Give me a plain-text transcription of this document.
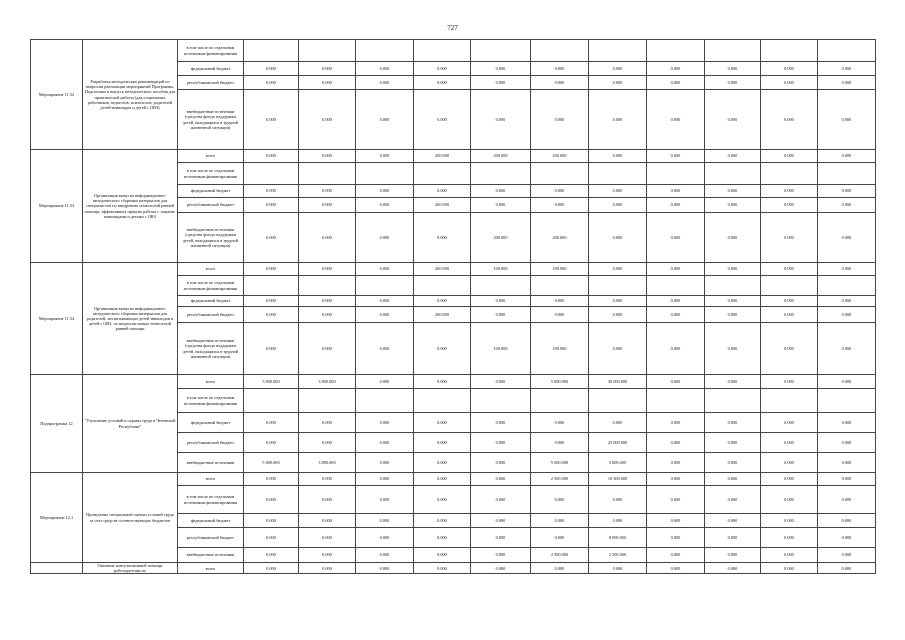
727
Мероприятие 11.52	Разработка методических рекомендаций по вопросам реализации мероприятий Программы. Подготовка и выпуск методического пособия для практической работы (для социальных работников, педагогов, психологов, родителей детей-инвалидов и детей с ОВЗ)	в том числе по отдельным источникам финансирования											
		федеральный бюджет	0.000	0.000	0.000	0.000	0.000	0.000	0.000	0.000	0.000	0.000	0.000
		республиканский бюджет	0.000	0.000	0.000	0.000	0.000	0.000	0.000	0.000	0.000	0.000	0.000
		внебюджетные источники (средства фонда поддержки детей, находящихся в трудной жизненной ситуации)	0.000	0.000	0.000	0.000	0.000	0.000	0.000	0.000	0.000	0.000	0.000
Мероприятие 11.53	Организация выпуска информационно-методического сборника материалов для специалистов по внедрению технологий ранней помощи, эффективных практик работы с лицами-инвалидами и детьми с ОВЗ	всего	0.000	0.000	0.000	200.000	200.000	200.000	0.000	0.000	0.000	0.000	0.000
		в том числе по отдельным источникам финансирования											
		федеральный бюджет	0.000	0.000	0.000	0.000	0.000	0.000	0.000	0.000	0.000	0.000	0.000
		республиканский бюджет	0.000	0.000	0.000	200.000	0.000	0.000	0.000	0.000	0.000	0.000	0.000
		внебюджетные источники (средства фонда поддержки детей, находящихся в трудной жизненной ситуации)	0.000	0.000	0.000	0.000	200.000	200.000	0.000	0.000	0.000	0.000	0.000
Мероприятие 11.54	Организация выпуска информационно-методического сборника материалов для родителей, воспитывающих детей-инвалидов и детей с ОВЗ, по вопросам новых технологий ранней помощи	всего	0.000	0.000	0.000	200.000	100.000	100.000	0.000	0.000	0.000	0.000	0.000
		в том числе по отдельным источникам финансирования											
		федеральный бюджет	0.000	0.000	0.000	0.000	0.000	0.000	0.000	0.000	0.000	0.000	0.000
		республиканский бюджет	0.000	0.000	0.000	200.000	0.000	0.000	0.000	0.000	0.000	0.000	0.000
		внебюджетные источники (средства фонда поддержки детей, находящихся в трудной жизненной ситуации)	0.000	0.000	0.000	0.000	100.000	100.000	0.000	0.000	0.000	0.000	0.000
Подпрограмма 12	"Улучшение условий и охраны труда в Чеченской Республике"	всего	5 800.000	3 800.000	0.000	0.000	0.000	5 000.000	30 000.000	0.000	0.000	0.000	0.000
		в том числе по отдельным источникам финансирования											
		федеральный бюджет	0.000	0.000	0.000	0.000	0.000	0.000	0.000	0.000	0.000	0.000	0.000
		республиканский бюджет	0.000	0.000	0.000	0.000	0.000	0.000	25 000.000	0.000	0.000	0.000	0.000
		внебюджетные источники	5 800.000	3 800.000	0.000	0.000	0.000	5 000.000	5 000.000	0.000	0.000	0.000	0.000
Мероприятие 12.1	Проведение специальной оценки условий труда за счет средств соответствующих бюджетов	всего	0.000	0.000	0.000	0.000	0.000	2 500.000	10 500.000	0.000	0.000	0.000	0.000
		в том числе по отдельным источникам финансирования	0.000	0.000	0.000	0.000	0.000	0.000	0.000	0.000	0.000	0.000	0.000
		федеральный бюджет	0.000	0.000	0.000	0.000	0.000	0.000	0.000	0.000	0.000	0.000	0.000
		республиканский бюджет	0.000	0.000	0.000	0.000	0.000	0.000	8 000.000	0.000	0.000	0.000	0.000
		внебюджетные источники	0.000	0.000	0.000	0.000	0.000	2 500.000	2 500.000	0.000	0.000	0.000	0.000
	Оказание консультативной помощи работодателям по	всего	0.000	0.000	0.000	0.000	0.000	0.000	0.000	0.000	0.000	0.000	0.000
